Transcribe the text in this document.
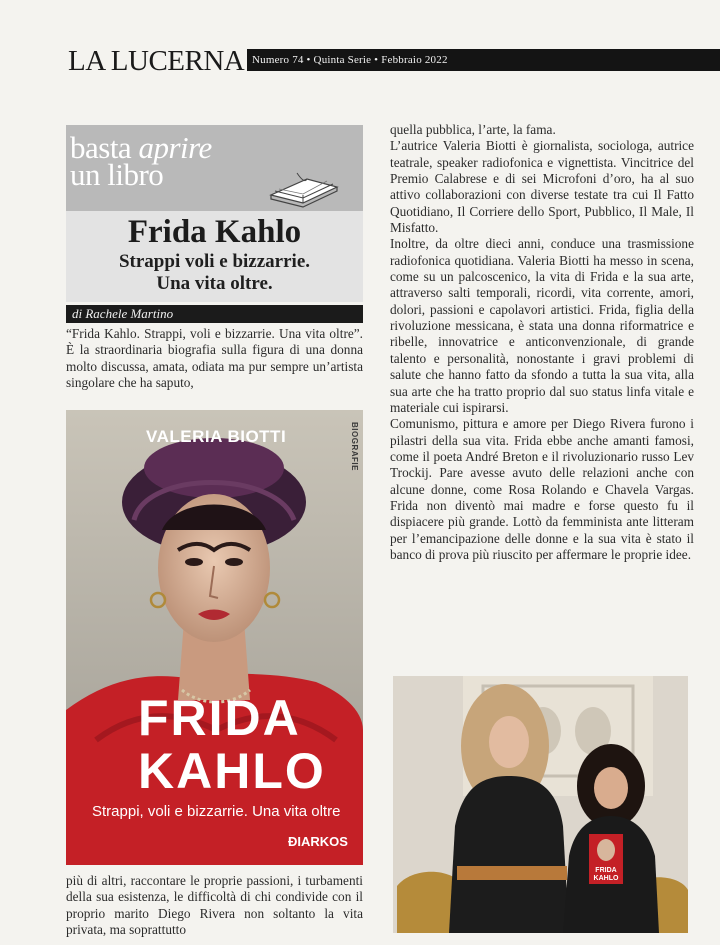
LA LUCERNA Numero 74 • Quinta Serie • Febbraio 2022
basta aprire
un libro
Frida Kahlo
Strappi voli e bizzarrie.
Una vita oltre.
di Rachele Martino

“Frida Kahlo. Strappi, voli e bizzarrie. Una vita oltre”. È la straordinaria biografia sulla figura di una donna molto discussa, amata, odiata ma pur sempre un’artista singolare che ha saputo,

VALERIA BIOTTI	BIOGRAFIE
FRIDA
KAHLO
Strappi, voli e bizzarrie. Una vita oltre
ÐIARKOS

più di altri, raccontare le proprie passioni, i turbamenti della sua esistenza, le difficoltà di chi condivide con il proprio marito Diego Rivera non soltanto la vita privata, ma soprattutto

quella pubblica, l’arte, la fama.

L’autrice Valeria Biotti è giornalista, sociologa, autrice teatrale, speaker radiofonica e vignettista. Vincitrice del Premio Calabrese e di sei Microfoni d’oro, ha al suo attivo collaborazioni con diverse testate tra cui Il Fatto Quotidiano, Il Corriere dello Sport, Pubblico, Il Male, Il Misfatto.

Inoltre, da oltre dieci anni, conduce una trasmissione radiofonica quotidiana. Valeria Biotti ha messo in scena, come su un palcoscenico, la vita di Frida e la sua arte, attraverso salti temporali, ricordi, vita corrente, amori, dolori, passioni e capolavori artistici. Frida, figlia della rivoluzione messicana, è stata una donna riformatrice e ribelle, innovatrice e anticonvenzionale, di grande talento e personalità, nonostante i gravi problemi di salute che hanno fatto da sfondo a tutta la sua vita, alla sua arte che ha tratto proprio dal suo status linfa vitale e materiale cui ispirarsi.

Comunismo, pittura e amore per Diego Rivera furono i pilastri della sua vita. Frida ebbe anche amanti famosi, come il poeta André Breton e il rivoluzionario russo Lev Trockij. Pare avesse avuto delle relazioni anche con alcune donne, come Rosa Rolando e Chavela Vargas. Frida non diventò mai madre e forse questo fu il dispiacere più grande. Lottò da femminista ante litteram per l’emancipazione delle donne e la sua vita è stato il banco di prova più riuscito per affermare le proprie idee.

FRIDA
KAHLO
